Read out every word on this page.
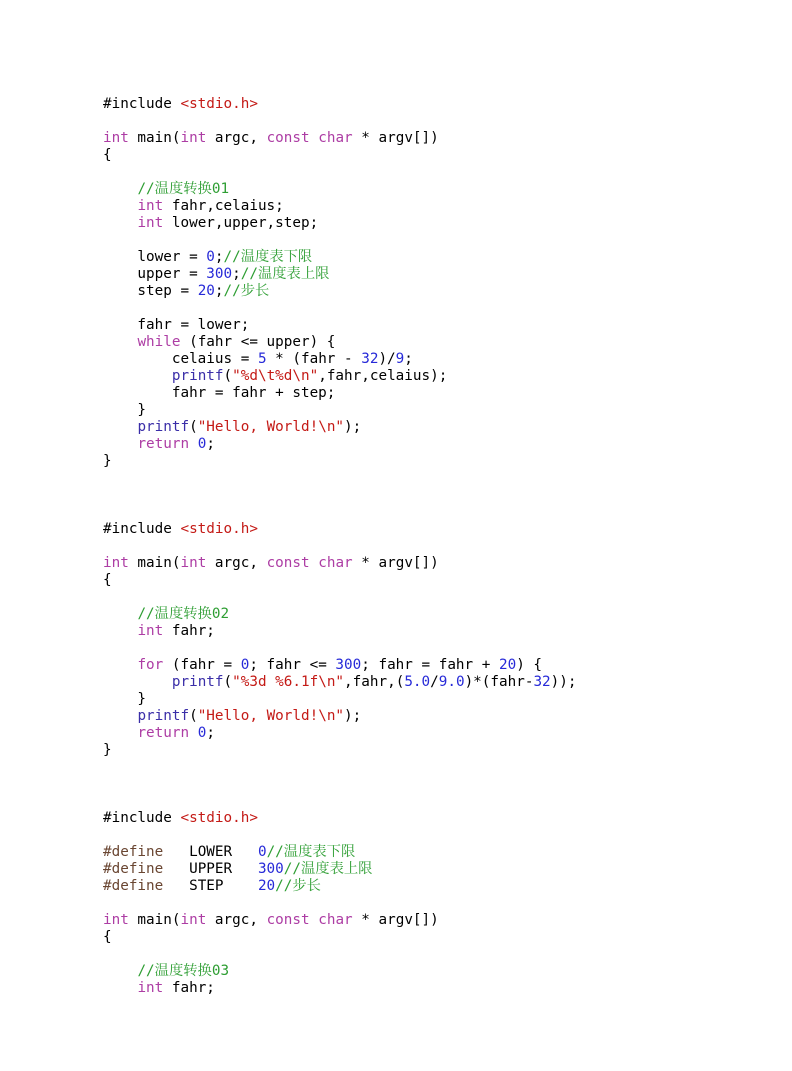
#include <stdio.h>
int main(int argc, const char * argv[])
{
//温度转换01
int fahr,celaius;
int lower,upper,step;
lower = 0;//温度表下限
upper = 300;//温度表上限
step = 20;//步长
fahr = lower;
while (fahr <= upper) {
celaius = 5 * (fahr - 32)/9;
printf("%d\t%d\n",fahr,celaius);
fahr = fahr + step;
}
printf("Hello, World!\n");
return 0;
}
#include <stdio.h>
int main(int argc, const char * argv[])
{
//温度转换02
int fahr;
for (fahr = 0; fahr <= 300; fahr = fahr + 20) {
printf("%3d %6.1f\n",fahr,(5.0/9.0)*(fahr-32));
}
printf("Hello, World!\n");
return 0;
}
#include <stdio.h>
#define   LOWER   0//温度表下限
#define   UPPER   300//温度表上限
#define   STEP    20//步长
int main(int argc, const char * argv[])
{
//温度转换03
int fahr;
